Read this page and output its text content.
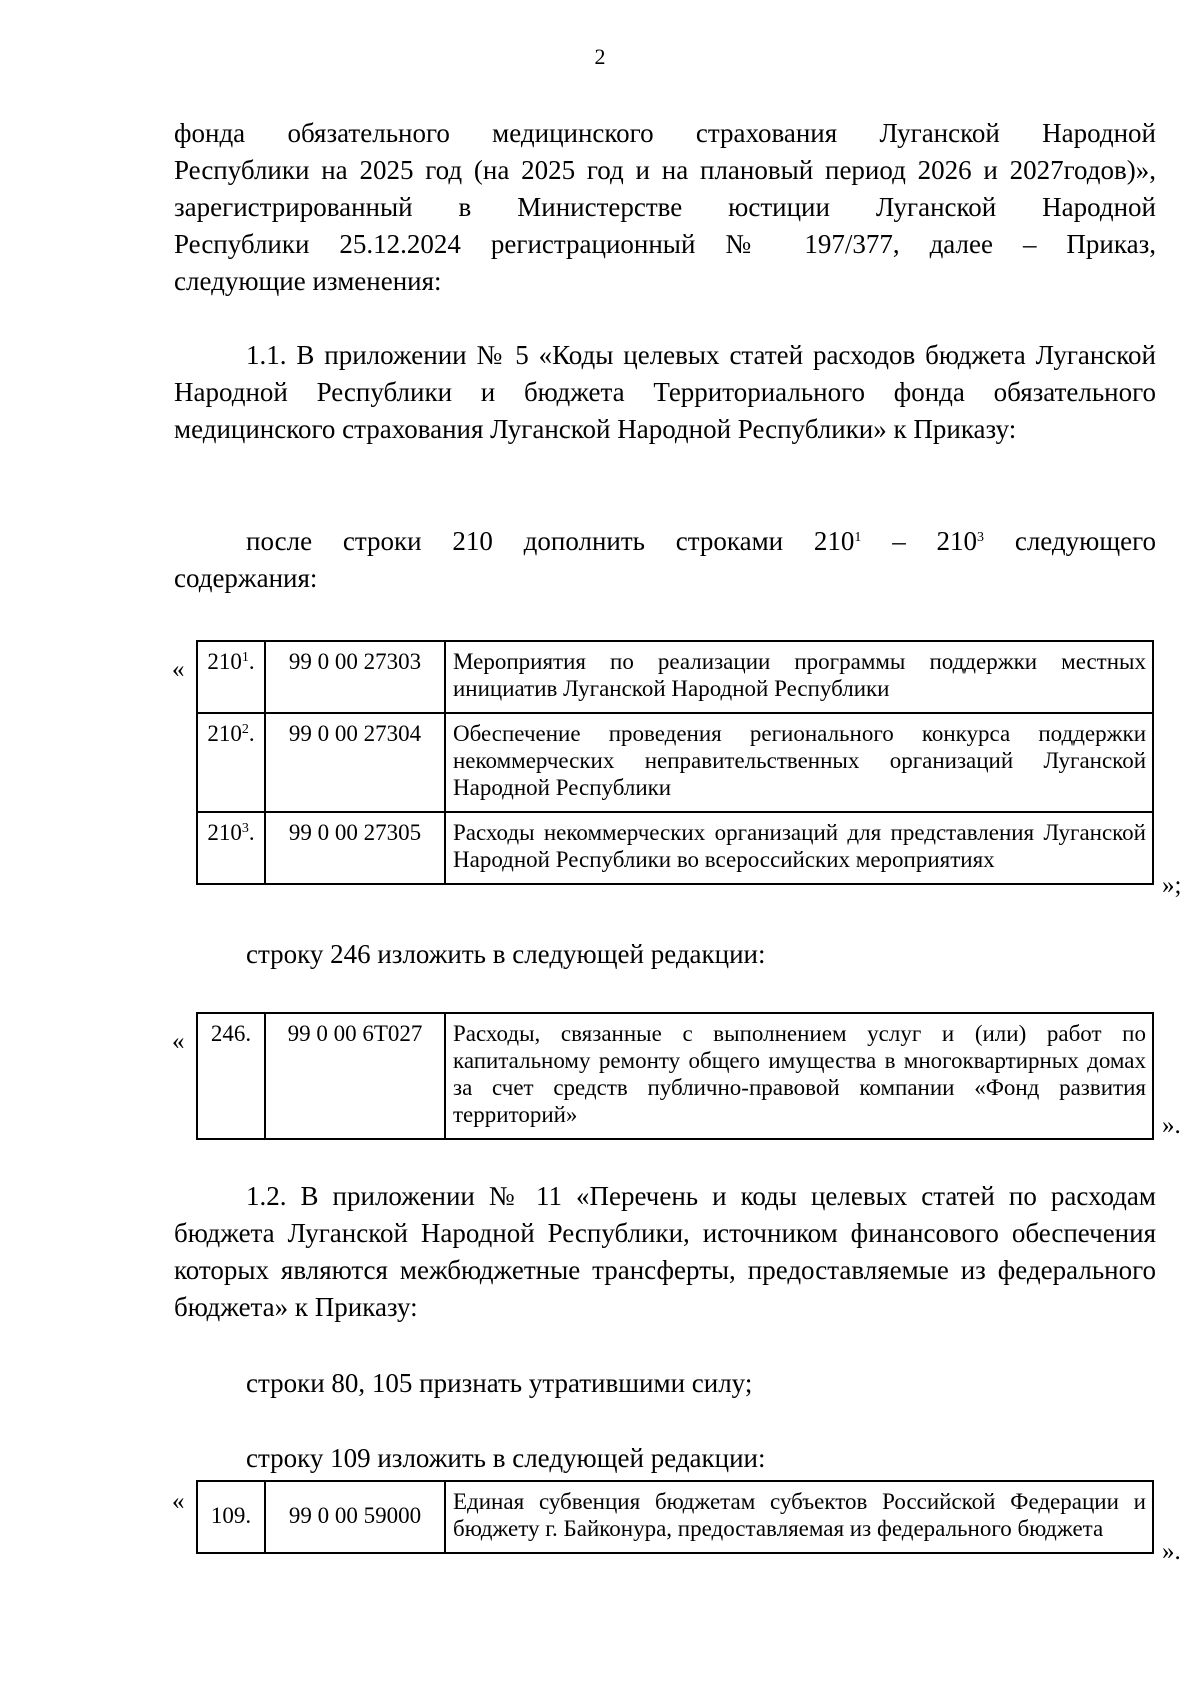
2
фонда обязательного медицинского страхования Луганской Народной
Республики на 2025 год (на 2025 год и на плановый период 2026 и 2027годов)»,
зарегистрированный в Министерстве юстиции Луганской Народной
Республики 25.12.2024 регистрационный № 197/377, далее – Приказ,
следующие изменения:

1.1. В приложении № 5 «Коды целевых статей расходов бюджета Луганской Народной Республики и бюджета Территориального фонда обязательного медицинского страхования Луганской Народной Республики» к Приказу:

после строки 210 дополнить строками $210^1 - 210^3$ следующего
содержания:
« $210^1$.	99 0 00 27303	Мероприятия по реализации программы поддержки местных инициатив Луганской Народной Республики
$210^2$.	99 0 00 27304	Обеспечение проведения регионального конкурса поддержки некоммерческих неправительственных организаций Луганской Народной Республики
$210^3$.	99 0 00 27305	Расходы некоммерческих организаций для представления Луганской Народной Республики во всероссийских мероприятиях
»;
строку 246 изложить в следующей редакции:
« 246.	99 0 00 6Т027	Расходы, связанные с выполнением услуг и (или) работ по капитальному ремонту общего имущества в многоквартирных домах за счет средств публично-правовой компании «Фонд развития территорий»	».

1.2. В приложении № 11 «Перечень и коды целевых статей по расходам бюджета Луганской Народной Республики, источником финансового обеспечения которых являются межбюджетные трансферты, предоставляемые из федерального бюджета» к Приказу:

строки 80, 105 признать утратившими силу;
строку 109 изложить в следующей редакции:
« 109.	99 0 00 59000	Единая субвенция бюджетам субъектов Российской Федерации и бюджету г. Байконура, предоставляемая из федерального бюджета
».
